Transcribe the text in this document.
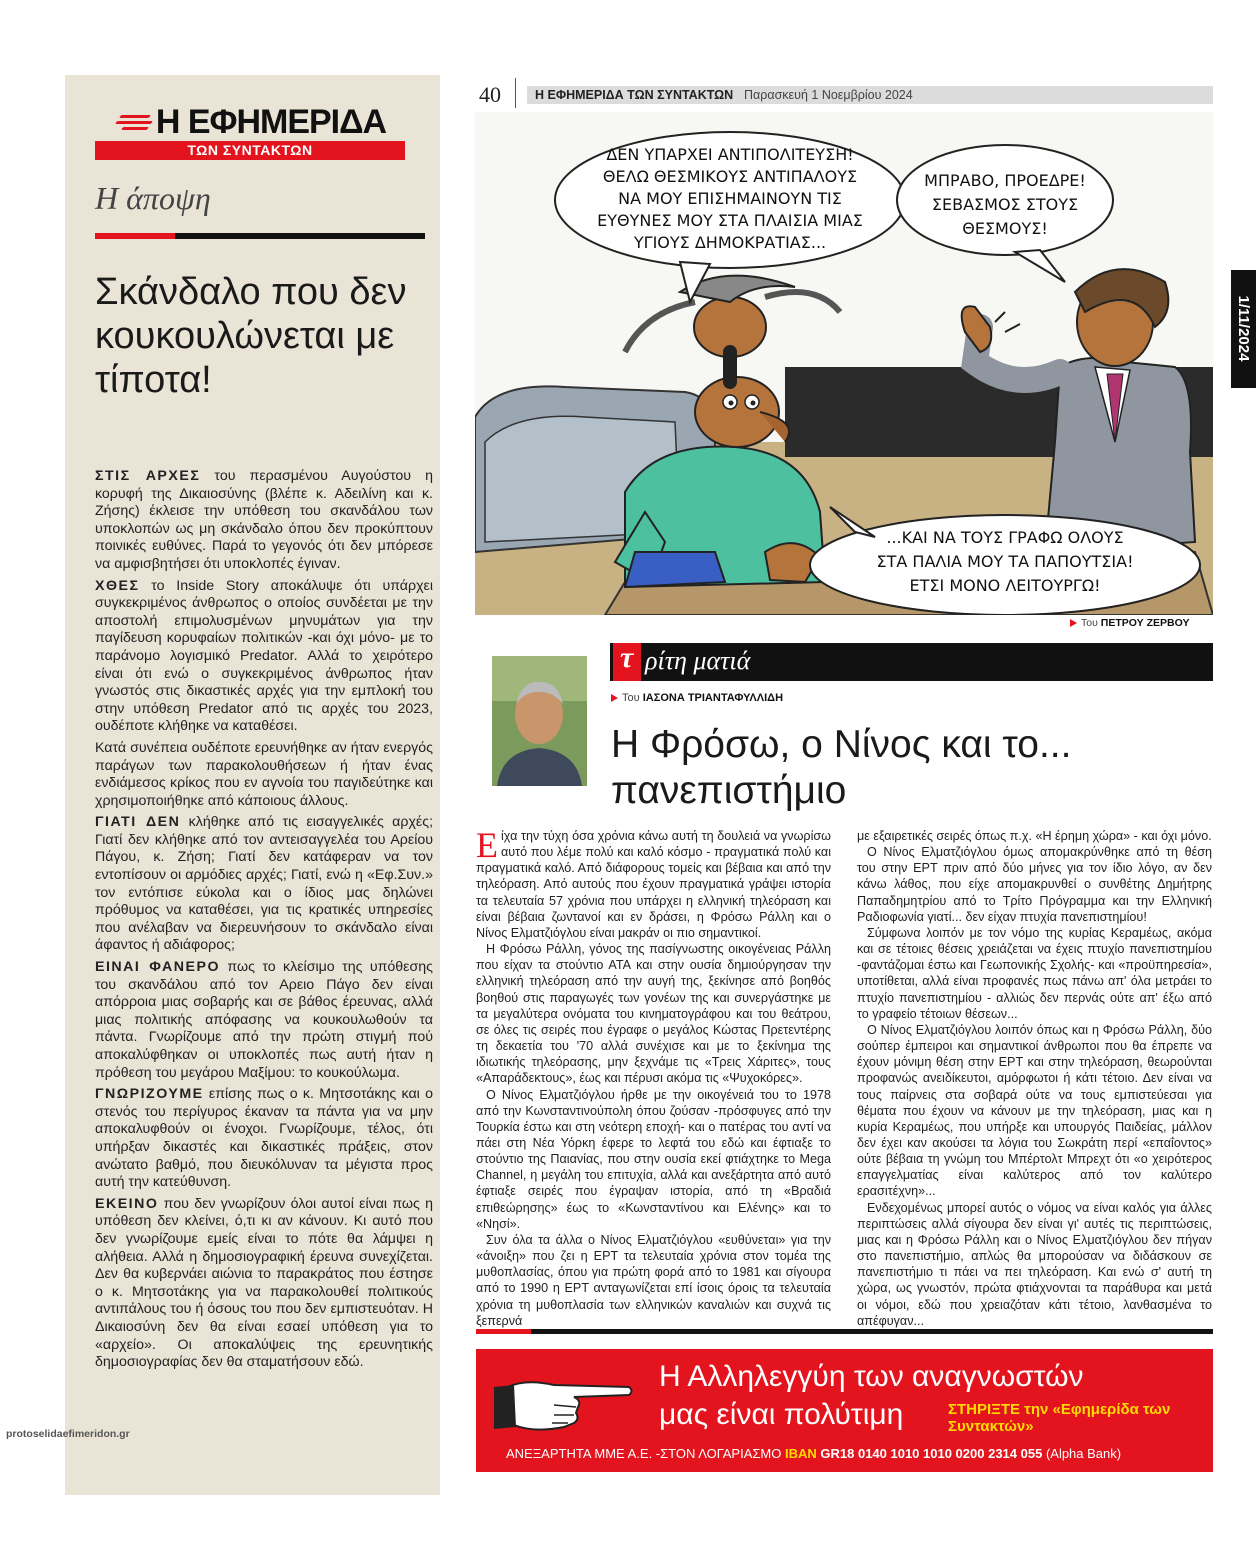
Η ΕΦΗΜΕΡΙΔΑ
ΤΩΝ ΣΥΝΤΑΚΤΩΝ
Η άποψη
Σκάνδαλο που δεν κουκουλώνεται με τίποτα!

ΣΤΙΣ ΑΡΧΕΣ του περασμένου Αυγούστου η κορυφή της Δικαιοσύνης (βλέπε κ. Αδειλίνη και κ. Ζήσης) έκλεισε την υπόθεση του σκανδάλου των υποκλοπών ως μη σκάνδαλο όπου δεν προκύπτουν ποινικές ευθύνες. Παρά το γεγονός ότι δεν μπόρεσε να αμφισβητήσει ότι υποκλοπές έγιναν.

ΧΘΕΣ το Inside Story αποκάλυψε ότι υπάρχει συγκεκριμένος άνθρωπος ο οποίος συνδέεται με την αποστολή επιμολυσμένων μηνυμάτων για την παγίδευση κορυφαίων πολιτικών -και όχι μόνο- με το παράνομο λογισμικό Predator. Αλλά το χειρότερο είναι ότι ενώ ο συγκεκριμένος άνθρωπος ήταν γνωστός στις δικαστικές αρχές για την εμπλοκή του στην υπόθεση Predator από τις αρχές του 2023, ουδέποτε κλήθηκε να καταθέσει.

Κατά συνέπεια ουδέποτε ερευνήθηκε αν ήταν ενεργός παράγων των παρακολουθήσεων ή ήταν ένας ενδιάμεσος κρίκος που εν αγνοία του παγιδεύτηκε και χρησιμοποιήθηκε από κάποιους άλλους.

ΓΙΑΤΙ ΔΕΝ κλήθηκε από τις εισαγγελικές αρχές; Γιατί δεν κλήθηκε από τον αντεισαγγελέα του Αρείου Πάγου, κ. Ζήση; Γιατί δεν κατάφεραν να τον εντοπίσουν οι αρμόδιες αρχές; Γιατί, ενώ η «Εφ.Συν.» τον εντόπισε εύκολα και ο ίδιος μας δηλώνει πρόθυμος να καταθέσει, για τις κρατικές υπηρεσίες που ανέλαβαν να διερευνήσουν το σκάνδαλο είναι άφαντος ή αδιάφορος;

ΕΙΝΑΙ ΦΑΝΕΡΟ πως το κλείσιμο της υπόθεσης του σκανδάλου από τον Αρειο Πάγο δεν είναι απόρροια μιας σοβαρής και σε βάθος έρευνας, αλλά μιας πολιτικής απόφασης να κουκουλωθούν τα πάντα. Γνωρίζουμε από την πρώτη στιγμή πού αποκαλύφθηκαν οι υποκλοπές πως αυτή ήταν η πρόθεση του μεγάρου Μαξίμου: το κουκούλωμα.

ΓΝΩΡΙΖΟΥΜΕ επίσης πως ο κ. Μητσοτάκης και ο στενός του περίγυρος έκαναν τα πάντα για να μην αποκαλυφθούν οι ένοχοι. Γνωρίζουμε, τέλος, ότι υπήρξαν δικαστές και δικαστικές πράξεις, στον ανώτατο βαθμό, που διευκόλυναν τα μέγιστα προς αυτή την κατεύθυνση.

ΕΚΕΙΝΟ που δεν γνωρίζουν όλοι αυτοί είναι πως η υπόθεση δεν κλείνει, ό,τι κι αν κάνουν. Κι αυτό που δεν γνωρίζουμε εμείς είναι το πότε θα λάμψει η αλήθεια. Αλλά η δημοσιογραφική έρευνα συνεχίζεται. Δεν θα κυβερνάει αιώνια το παρακράτος που έστησε ο κ. Μητσοτάκης για να παρακολουθεί πολιτικούς αντιπάλους του ή όσους του που δεν εμπιστευόταν. Η Δικαιοσύνη δεν θα είναι εσαεί υπόθεση για το «αρχείο». Οι αποκαλύψεις της ερευνητικής δημοσιογραφίας δεν θα σταματήσουν εδώ.

40	Η ΕΦΗΜΕΡΙΔΑ ΤΩΝ ΣΥΝΤΑΚΤΩΝ Παρασκευή 1 Νοεμβρίου 2024
1/11/2024
ΔΕΝ ΥΠΑΡΧΕΙ ΑΝΤΙΠΟΛΙΤΕΥΣΗ!
ΘΕΛΩ ΘΕΣΜΙΚΟΥΣ ΑΝΤΙΠΑΛΟΥΣ
ΝΑ ΜΟΥ ΕΠΙΣΗΜΑΙΝΟΥΝ ΤΙΣ
ΕΥΘΥΝΕΣ ΜΟΥ ΣΤΑ ΠΛΑΙΣΙΑ ΜΙΑΣ
ΥΓΙΟΥΣ ΔΗΜΟΚΡΑΤΙΑΣ...
ΜΠΡΑΒΟ, ΠΡΟΕΔΡΕ!
ΣΕΒΑΣΜΟΣ ΣΤΟΥΣ
ΘΕΣΜΟΥΣ!
...ΚΑΙ ΝΑ ΤΟΥΣ ΓΡΑΦΩ ΟΛΟΥΣ
ΣΤΑ ΠΑΛΙΑ ΜΟΥ ΤΑ ΠΑΠΟΥΤΣΙΑ!
ΕΤΣΙ ΜΟΝΟ ΛΕΙΤΟΥΡΓΩ!
Του ΠΕΤΡΟΥ ΖΕΡΒΟΥ
τ ρίτη ματιά
Του ΙΑΣΟΝΑ ΤΡΙΑΝΤΑΦΥΛΛΙΔΗ
Η Φρόσω, ο Νίνος και το... πανεπιστήμιο

Είχα την τύχη όσα χρόνια κάνω αυτή τη δουλειά να γνωρίσω αυτό που λέμε πολύ και καλό κόσμο - πραγματικά πολύ και πραγματικά καλό. Από διάφορους τομείς και βέβαια και από την τηλεόραση. Από αυτούς που έχουν πραγματικά γράψει ιστορία τα τελευταία 57 χρόνια που υπάρχει η ελληνική τηλεόραση και είναι βέβαια ζωντανοί και εν δράσει, η Φρόσω Ράλλη και ο Νίνος Ελματζιόγλου είναι μακράν οι πιο σημαντικοί.

Η Φρόσω Ράλλη, γόνος της πασίγνωστης οικογένειας Ράλλη που είχαν τα στούντιο ΑΤΑ και στην ουσία δημιούργησαν την ελληνική τηλεόραση από την αυγή της, ξεκίνησε από βοηθός βοηθού στις παραγωγές των γονέων της και συνεργάστηκε με τα μεγαλύτερα ονόματα του κινηματογράφου και του θεάτρου, σε όλες τις σειρές που έγραφε ο μεγάλος Κώστας Πρετεντέρης τη δεκαετία του '70 αλλά συνέχισε και με το ξεκίνημα της ιδιωτικής τηλεόρασης, μην ξεχνάμε τις «Τρεις Χάριτες», τους «Απαράδεκτους», έως και πέρυσι ακόμα τις «Ψυχοκόρες».

Ο Νίνος Ελματζιόγλου ήρθε με την οικογένειά του το 1978 από την Κωνσταντινούπολη όπου ζούσαν -πρόσφυγες από την Τουρκία έστω και στη νεότερη εποχή- και ο πατέρας του αντί να πάει στη Νέα Υόρκη έφερε το λεφτά του εδώ και έφτιαξε το στούντιο της Παιανίας, που στην ουσία εκεί φτιάχτηκε το Mega Channel, η μεγάλη του επιτυχία, αλλά και ανεξάρτητα από αυτό έφτιαξε σειρές που έγραψαν ιστορία, από τη «Βραδιά επιθεώρησης» έως το «Κωνσταντίνου και Ελένης» και το «Νησί».

Συν όλα τα άλλα ο Νίνος Ελματζιόγλου «ευθύνεται» για την «άνοιξη» που ζει η ΕΡΤ τα τελευταία χρόνια στον τομέα της μυθοπλασίας, όπου για πρώτη φορά από το 1981 και σίγουρα από το 1990 η ΕΡΤ ανταγωνίζεται επί ίσοις όροις τα τελευταία χρόνια τη μυθοπλασία των ελληνικών καναλιών και συχνά τις ξεπερνά

με εξαιρετικές σειρές όπως π.χ. «Η έρημη χώρα» - και όχι μόνο.

Ο Νίνος Ελματζιόγλου όμως απομακρύνθηκε από τη θέση του στην ΕΡΤ πριν από δύο μήνες για τον ίδιο λόγο, αν δεν κάνω λάθος, που είχε απομακρυνθεί ο συνθέτης Δημήτρης Παπαδημητρίου από το Τρίτο Πρόγραμμα και την Ελληνική Ραδιοφωνία γιατί... δεν είχαν πτυχία πανεπιστημίου!

Σύμφωνα λοιπόν με τον νόμο της κυρίας Κεραμέως, ακόμα και σε τέτοιες θέσεις χρειάζεται να έχεις πτυχίο πανεπιστημίου -φαντάζομαι έστω και Γεωπονικής Σχολής- και «προϋπηρεσία», υποτίθεται, αλλά είναι προφανές πως πάνω απ' όλα μετράει το πτυχίο πανεπιστημίου - αλλιώς δεν περνάς ούτε απ' έξω από το γραφείο τέτοιων θέσεων...

Ο Νίνος Ελματζιόγλου λοιπόν όπως και η Φρόσω Ράλλη, δύο σούπερ έμπειροι και σημαντικοί άνθρωποι που θα έπρεπε να έχουν μόνιμη θέση στην ΕΡΤ και στην τηλεόραση, θεωρούνται προφανώς ανειδίκευτοι, αμόρφωτοι ή κάτι τέτοιο. Δεν είναι να τους παίρνεις στα σοβαρά ούτε να τους εμπιστεύεσαι για θέματα που έχουν να κάνουν με την τηλεόραση, μιας και η κυρία Κεραμέως, που υπήρξε και υπουργός Παιδείας, μάλλον δεν έχει καν ακούσει τα λόγια του Σωκράτη περί «επαΐοντος» ούτε βέβαια τη γνώμη του Μπέρτολτ Μπρεχτ ότι «ο χειρότερος επαγγελματίας είναι καλύτερος από τον καλύτερο ερασιτέχνη»...

Ενδεχομένως μπορεί αυτός ο νόμος να είναι καλός για άλλες περιπτώσεις αλλά σίγουρα δεν είναι γι' αυτές τις περιπτώσεις, μιας και η Φρόσω Ράλλη και ο Νίνος Ελματζιόγλου δεν πήγαν στο πανεπιστήμιο, απλώς θα μπορούσαν να διδάσκουν σε πανεπιστήμιο τι πάει να πει τηλεόραση. Και ενώ σ' αυτή τη χώρα, ως γνωστόν, πρώτα φτιάχνονται τα παράθυρα και μετά οι νόμοι, εδώ που χρειαζόταν κάτι τέτοιο, λανθασμένα το απέφυγαν...

Η Αλληλεγγύη των αναγνωστών
μας είναι πολύτιμη	ΣΤΗΡΙΞΤΕ την «Εφημερίδα των Συντακτών»
ΑΝΕΞΑΡΤΗΤΑ ΜΜΕ Α.Ε. -ΣΤΟΝ ΛΟΓΑΡΙΑΣΜΟ IBAN GR18 0140 1010 1010 0200 2314 055 (Alpha Bank)
protoselidaefimeridon.gr
